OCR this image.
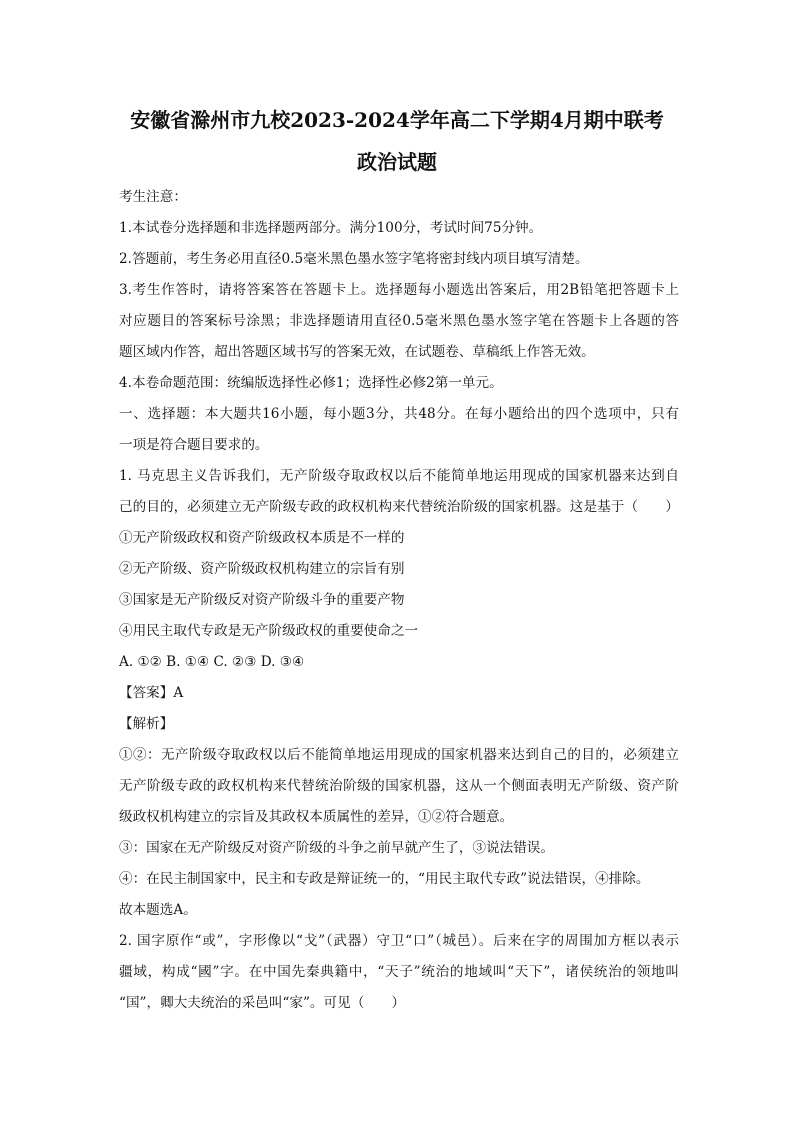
安徽省滁州市九校2023-2024学年高二下学期4月期中联考
政治试题
考生注意：
1.本试卷分选择题和非选择题两部分。满分100分，考试时间75分钟。
2.答题前，考生务必用直径0.5毫米黑色墨水签字笔将密封线内项目填写清楚。
3.考生作答时，请将答案答在答题卡上。选择题每小题选出答案后，用2B铅笔把答题卡上
对应题目的答案标号涂黑；非选择题请用直径0.5毫米黑色墨水签字笔在答题卡上各题的答
题区域内作答，超出答题区域书写的答案无效，在试题卷、草稿纸上作答无效。
4.本卷命题范围：统编版选择性必修1；选择性必修2第一单元。
一、选择题：本大题共16小题，每小题3分，共48分。在每小题给出的四个选项中，只有
一项是符合题目要求的。
1. 马克思主义告诉我们，无产阶级夺取政权以后不能简单地运用现成的国家机器来达到自
己的目的，必须建立无产阶级专政的政权机构来代替统治阶级的国家机器。这是基于（　　）
①无产阶级政权和资产阶级政权本质是不一样的
②无产阶级、资产阶级政权机构建立的宗旨有别
③国家是无产阶级反对资产阶级斗争的重要产物
④用民主取代专政是无产阶级政权的重要使命之一
A. ①② B. ①④ C. ②③ D. ③④
【答案】A
【解析】
①②：无产阶级夺取政权以后不能简单地运用现成的国家机器来达到自己的目的，必须建立
无产阶级专政的政权机构来代替统治阶级的国家机器，这从一个侧面表明无产阶级、资产阶
级政权机构建立的宗旨及其政权本质属性的差异，①②符合题意。
③：国家在无产阶级反对资产阶级的斗争之前早就产生了，③说法错误。
④：在民主制国家中，民主和专政是辩证统一的，“用民主取代专政”说法错误，④排除。
故本题选A。
2. 国字原作“或”，字形像以“戈”（武器）守卫“口”（城邑）。后来在字的周围加方框以表示
疆域，构成“國”字。在中国先秦典籍中，“天子”统治的地域叫“天下”，诸侯统治的领地叫
“国”，卿大夫统治的采邑叫“家”。可见（　　）
